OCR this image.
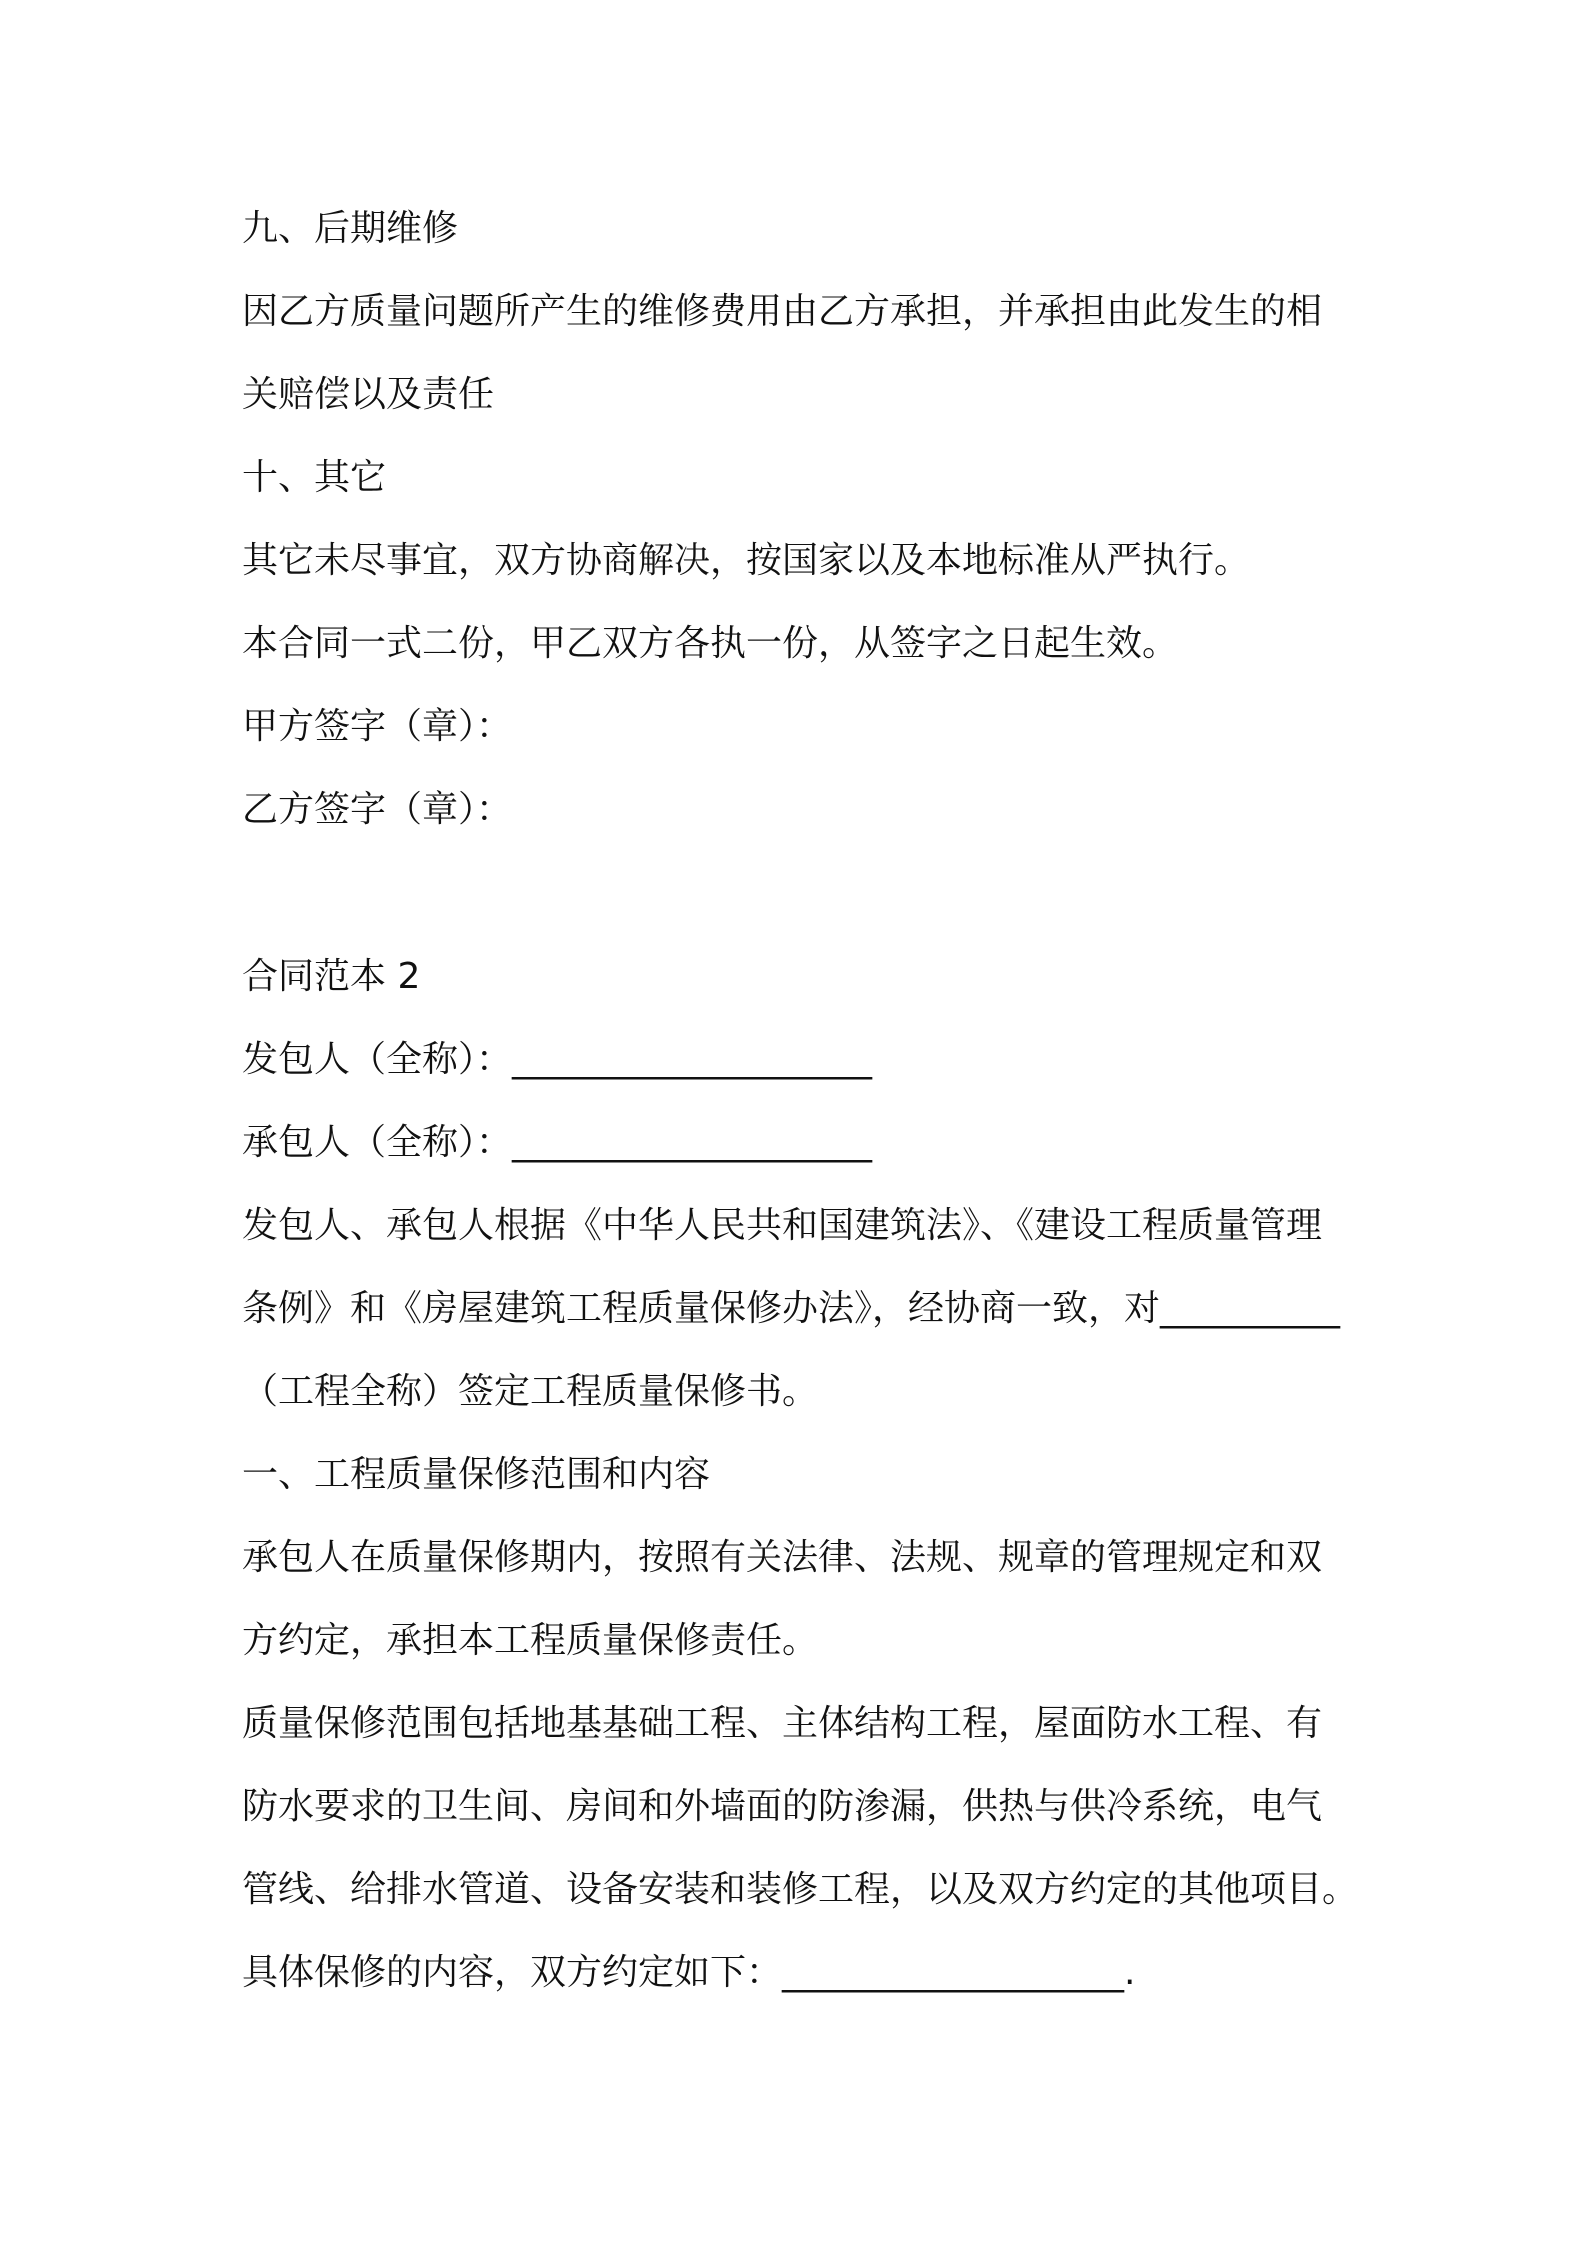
九、后期维修
因乙方质量问题所产生的维修费用由乙方承担，并承担由此发生的相
关赔偿以及责任
十、其它
其它未尽事宜，双方协商解决，按国家以及本地标准从严执行。
本合同一式二份，甲乙双方各执一份，从签字之日起生效。
甲方签字（章）：
乙方签字（章）：
合同范本 2
发包人（全称）：____________________
承包人（全称）：____________________
发包人、承包人根据《中华人民共和国建筑法》、《建设工程质量管理
条例》和《房屋建筑工程质量保修办法》，经协商一致，对__________
（工程全称）签定工程质量保修书。
一、工程质量保修范围和内容
承包人在质量保修期内，按照有关法律、法规、规章的管理规定和双
方约定，承担本工程质量保修责任。
质量保修范围包括地基基础工程、主体结构工程，屋面防水工程、有
防水要求的卫生间、房间和外墙面的防渗漏，供热与供冷系统，电气
管线、给排水管道、设备安装和装修工程，以及双方约定的其他项目。
具体保修的内容，双方约定如下：___________________.
